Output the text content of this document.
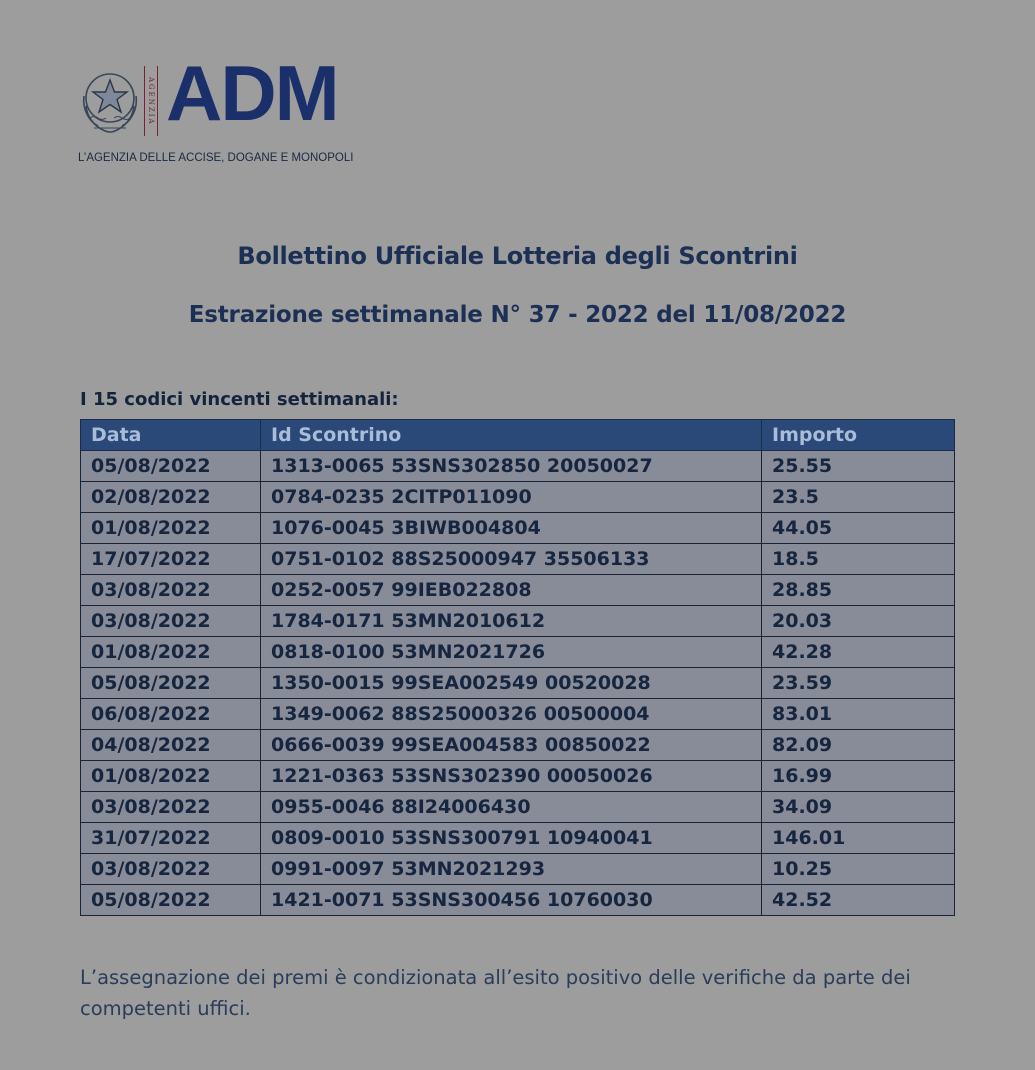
AGENZIA ADM
L’AGENZIA DELLE ACCISE, DOGANE E MONOPOLI
Bollettino Ufficiale Lotteria degli Scontrini
Estrazione settimanale N° 37 - 2022 del 11/08/2022
I 15 codici vincenti settimanali:
Data	Id Scontrino	Importo
05/08/2022	1313-0065 53SNS302850 20050027	25.55
02/08/2022	0784-0235 2CITP011090	23.5
01/08/2022	1076-0045 3BIWB004804	44.05
17/07/2022	0751-0102 88S25000947 35506133	18.5
03/08/2022	0252-0057 99IEB022808	28.85
03/08/2022	1784-0171 53MN2010612	20.03
01/08/2022	0818-0100 53MN2021726	42.28
05/08/2022	1350-0015 99SEA002549 00520028	23.59
06/08/2022	1349-0062 88S25000326 00500004	83.01
04/08/2022	0666-0039 99SEA004583 00850022	82.09
01/08/2022	1221-0363 53SNS302390 00050026	16.99
03/08/2022	0955-0046 88I24006430	34.09
31/07/2022	0809-0010 53SNS300791 10940041	146.01
03/08/2022	0991-0097 53MN2021293	10.25
05/08/2022	1421-0071 53SNS300456 10760030	42.52
L’assegnazione dei premi è condizionata all’esito positivo delle verifiche da parte dei competenti uffici.
